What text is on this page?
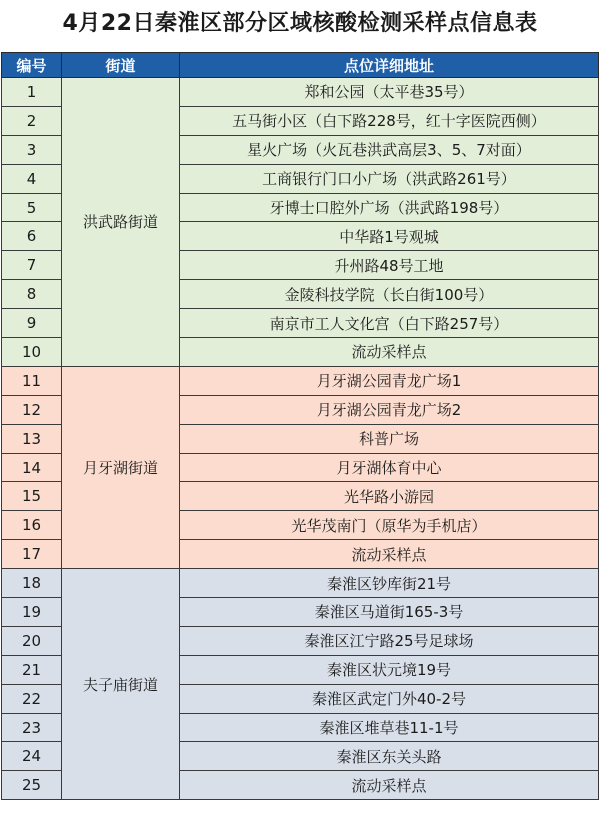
4月22日秦淮区部分区域核酸检测采样点信息表
编号	街道	点位详细地址
1	洪武路街道	郑和公园（太平巷35号）
2		五马街小区（白下路228号，红十字医院西侧）
3		星火广场（火瓦巷洪武高层3、5、7对面）
4		工商银行门口小广场（洪武路261号）
5		牙博士口腔外广场（洪武路198号）
6		中华路1号观城
7		升州路48号工地
8		金陵科技学院（长白街100号）
9		南京市工人文化宫（白下路257号）
10		流动采样点
11	月牙湖街道	月牙湖公园青龙广场1
12		月牙湖公园青龙广场2
13		科普广场
14		月牙湖体育中心
15		光华路小游园
16		光华茂南门（原华为手机店）
17		流动采样点
18	夫子庙街道	秦淮区钞库街21号
19		秦淮区马道街165-3号
20		秦淮区江宁路25号足球场
21		秦淮区状元境19号
22		秦淮区武定门外40-2号
23		秦淮区堆草巷11-1号
24		秦淮区东关头路
25		流动采样点
